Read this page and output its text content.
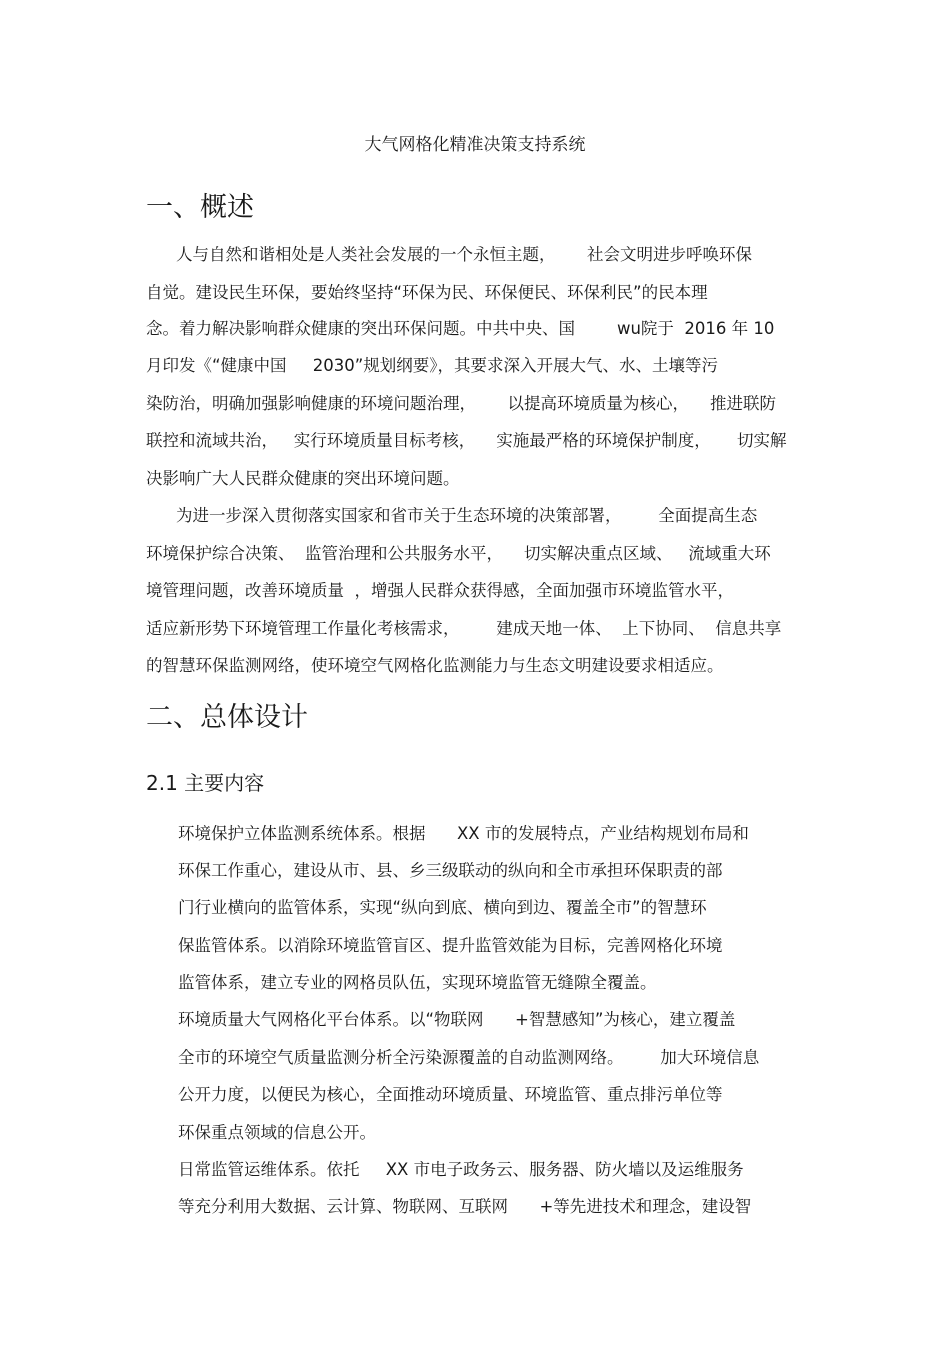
大气网格化精准决策支持系统
一、概述
人与自然和谐相处是人类社会发展的一个永恒主题，      社会文明进步呼唤环保
自觉。建设民生环保，要始终坚持“环保为民、环保便民、环保利民”的民本理
念。着力解决影响群众健康的突出环保问题。中共中央、国        wu院于  2016 年 10
月印发《“健康中国     2030”规划纲要》，其要求深入开展大气、水、土壤等污
染防治，明确加强影响健康的环境问题治理，      以提高环境质量为核心，    推进联防
联控和流域共治，   实行环境质量目标考核，    实施最严格的环境保护制度，     切实解
决影响广大人民群众健康的突出环境问题。
为进一步深入贯彻落实国家和省市关于生态环境的决策部署，       全面提高生态
环境保护综合决策、  监管治理和公共服务水平，    切实解决重点区域、   流域重大环
境管理问题，改善环境质量  ，增强人民群众获得感，全面加强市环境监管水平，
适应新形势下环境管理工作量化考核需求，       建成天地一体、  上下协同、  信息共享
的智慧环保监测网络，使环境空气网格化监测能力与生态文明建设要求相适应。
二、总体设计
2.1 主要内容
环境保护立体监测系统体系。根据      XX 市的发展特点，产业结构规划布局和
环保工作重心，建设从市、县、乡三级联动的纵向和全市承担环保职责的部
门行业横向的监管体系，实现“纵向到底、横向到边、覆盖全市”的智慧环
保监管体系。以消除环境监管盲区、提升监管效能为目标，完善网格化环境
监管体系，建立专业的网格员队伍，实现环境监管无缝隙全覆盖。
环境质量大气网格化平台体系。以“物联网      +智慧感知”为核心，建立覆盖
全市的环境空气质量监测分析全污染源覆盖的自动监测网络。       加大环境信息
公开力度，以便民为核心，全面推动环境质量、环境监管、重点排污单位等
环保重点领域的信息公开。
日常监管运维体系。依托     XX 市电子政务云、服务器、防火墙以及运维服务
等充分利用大数据、云计算、物联网、互联网      +等先进技术和理念，建设智
